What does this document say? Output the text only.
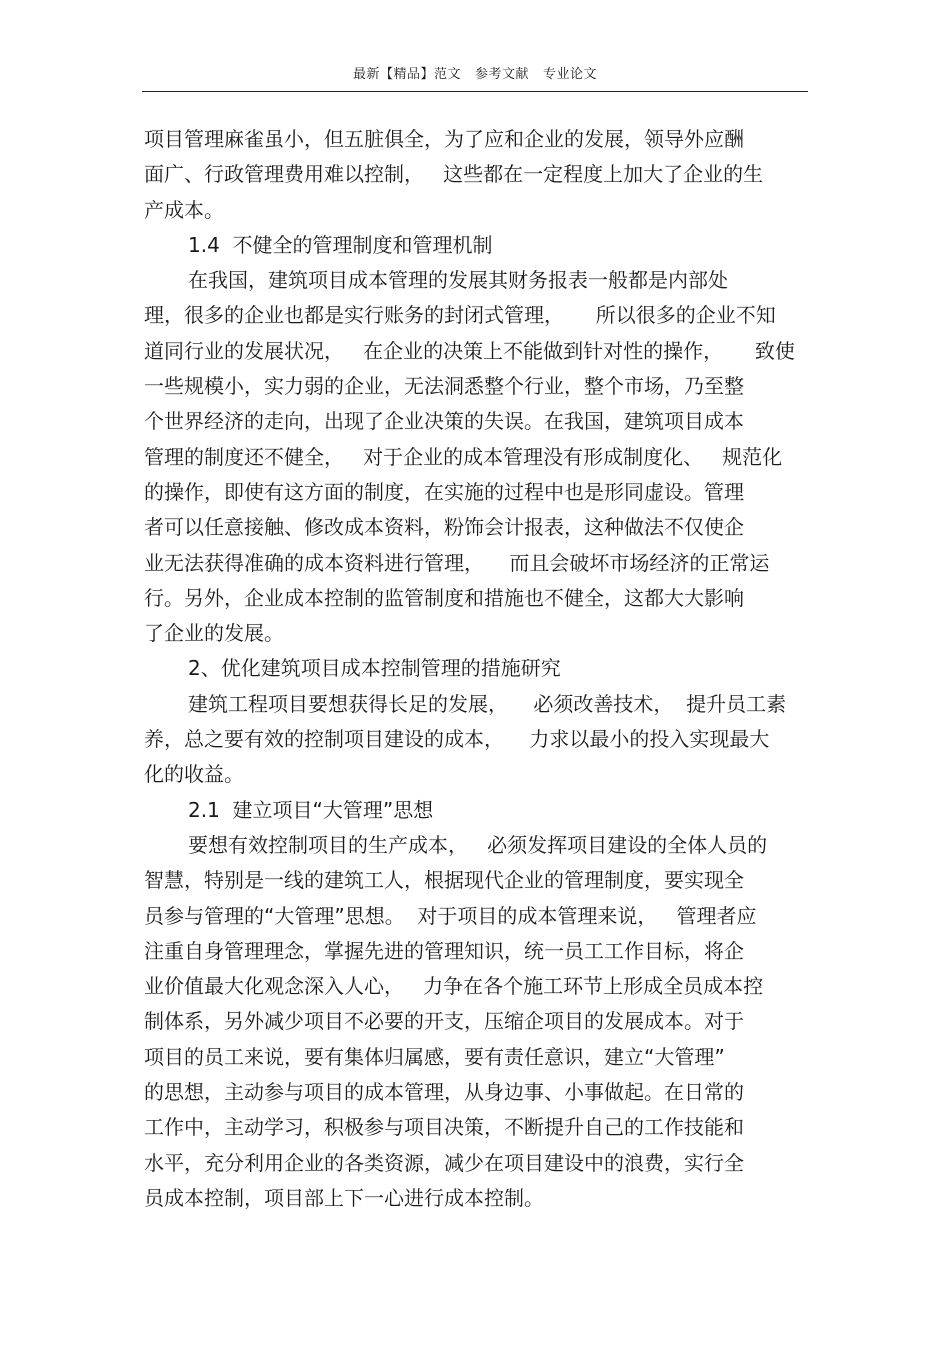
最新【精品】范文 参考文献 专业论文
项目管理麻雀虽小，但五脏俱全，为了应和企业的发展，领导外应酬
面广、行政管理费用难以控制，   这些都在一定程度上加大了企业的生
产成本。
1.4  不健全的管理制度和管理机制
在我国，建筑项目成本管理的发展其财务报表一般都是内部处
理，很多的企业也都是实行账务的封闭式管理，     所以很多的企业不知
道同行业的发展状况，   在企业的决策上不能做到针对性的操作，     致使
一些规模小，实力弱的企业，无法洞悉整个行业，整个市场，乃至整
个世界经济的走向，出现了企业决策的失误。在我国，建筑项目成本
管理的制度还不健全，   对于企业的成本管理没有形成制度化、   规范化
的操作，即使有这方面的制度，在实施的过程中也是形同虚设。管理
者可以任意接触、修改成本资料，粉饰会计报表，这种做法不仅使企
业无法获得准确的成本资料进行管理，    而且会破坏市场经济的正常运
行。另外，企业成本控制的监管制度和措施也不健全，这都大大影响
了企业的发展。
2、优化建筑项目成本控制管理的措施研究
建筑工程项目要想获得长足的发展，    必须改善技术，  提升员工素
养，总之要有效的控制项目建设的成本，    力求以最小的投入实现最大
化的收益。
2.1  建立项目“大管理”思想
要想有效控制项目的生产成本，   必须发挥项目建设的全体人员的
智慧，特别是一线的建筑工人，根据现代企业的管理制度，要实现全
员参与管理的“大管理”思想。  对于项目的成本管理来说，   管理者应
注重自身管理理念，掌握先进的管理知识，统一员工工作目标，将企
业价值最大化观念深入人心，   力争在各个施工环节上形成全员成本控
制体系，另外减少项目不必要的开支，压缩企项目的发展成本。对于
项目的员工来说，要有集体归属感，要有责任意识，建立“大管理”
的思想，主动参与项目的成本管理，从身边事、小事做起。在日常的
工作中，主动学习，积极参与项目决策，不断提升自己的工作技能和
水平，充分利用企业的各类资源，减少在项目建设中的浪费，实行全
员成本控制，项目部上下一心进行成本控制。
